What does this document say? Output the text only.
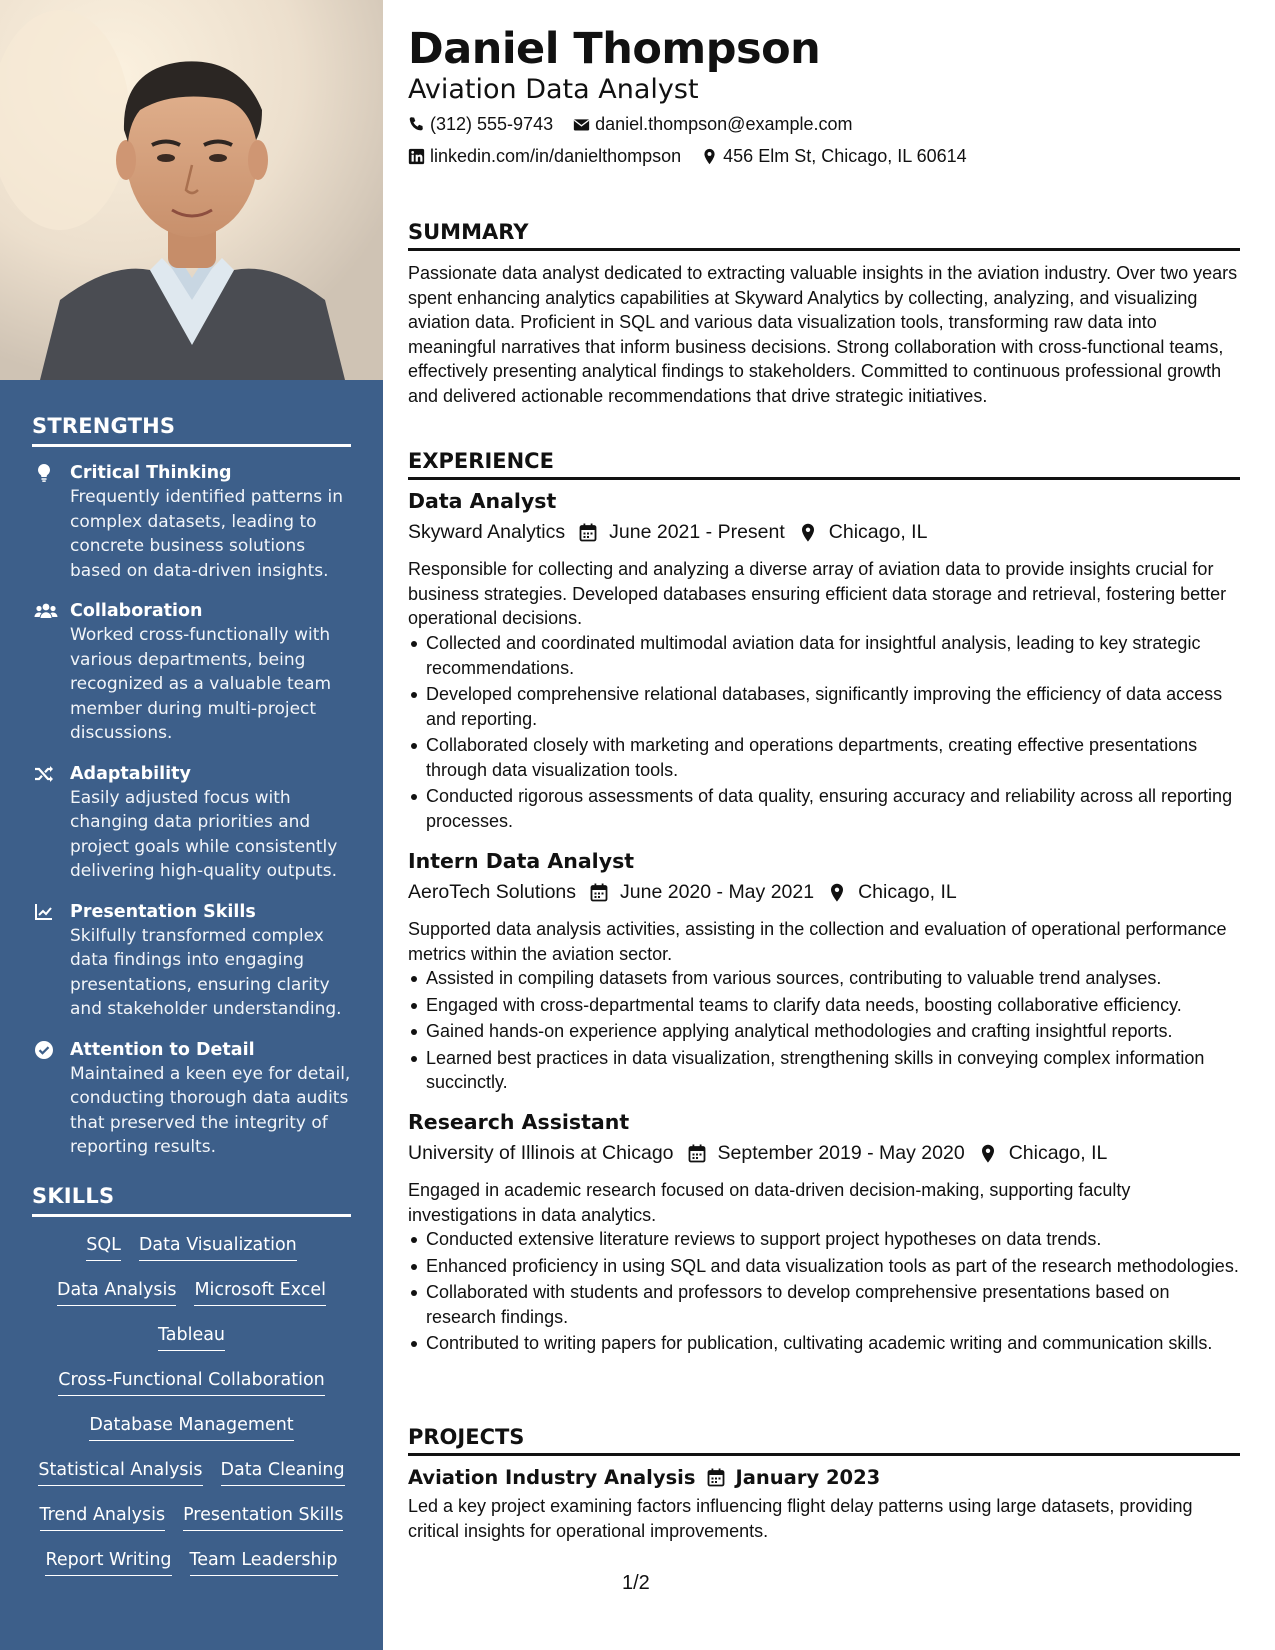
STRENGTHS
Critical Thinking
Frequently identified patterns in complex datasets, leading to concrete business solutions based on data-driven insights.
Collaboration
Worked cross-functionally with various departments, being recognized as a valuable team member during multi-project discussions.
Adaptability
Easily adjusted focus with changing data priorities and project goals while consistently delivering high-quality outputs.
Presentation Skills
Skilfully transformed complex data findings into engaging presentations, ensuring clarity and stakeholder understanding.
Attention to Detail
Maintained a keen eye for detail, conducting thorough data audits that preserved the integrity of reporting results.
SKILLS
SQL Data Visualization
Data Analysis Microsoft Excel
Tableau
Cross-Functional Collaboration
Database Management
Statistical Analysis Data Cleaning
Trend Analysis Presentation Skills
Report Writing Team Leadership
Daniel Thompson
Aviation Data Analyst
(312) 555-9743 daniel.thompson@example.com
linkedin.com/in/danielthompson 456 Elm St, Chicago, IL 60614
SUMMARY
Passionate data analyst dedicated to extracting valuable insights in the aviation industry. Over two years spent enhancing analytics capabilities at Skyward Analytics by collecting, analyzing, and visualizing aviation data. Proficient in SQL and various data visualization tools, transforming raw data into meaningful narratives that inform business decisions. Strong collaboration with cross-functional teams, effectively presenting analytical findings to stakeholders. Committed to continuous professional growth and delivered actionable recommendations that drive strategic initiatives.
EXPERIENCE
Data Analyst
Skyward Analytics June 2021 - Present Chicago, IL
Responsible for collecting and analyzing a diverse array of aviation data to provide insights crucial for business strategies. Developed databases ensuring efficient data storage and retrieval, fostering better operational decisions.
Collected and coordinated multimodal aviation data for insightful analysis, leading to key strategic recommendations.
Developed comprehensive relational databases, significantly improving the efficiency of data access and reporting.
Collaborated closely with marketing and operations departments, creating effective presentations through data visualization tools.
Conducted rigorous assessments of data quality, ensuring accuracy and reliability across all reporting processes.
Intern Data Analyst
AeroTech Solutions June 2020 - May 2021 Chicago, IL
Supported data analysis activities, assisting in the collection and evaluation of operational performance metrics within the aviation sector.
Assisted in compiling datasets from various sources, contributing to valuable trend analyses.
Engaged with cross-departmental teams to clarify data needs, boosting collaborative efficiency.
Gained hands-on experience applying analytical methodologies and crafting insightful reports.
Learned best practices in data visualization, strengthening skills in conveying complex information succinctly.
Research Assistant
University of Illinois at Chicago September 2019 - May 2020 Chicago, IL
Engaged in academic research focused on data-driven decision-making, supporting faculty investigations in data analytics.
Conducted extensive literature reviews to support project hypotheses on data trends.
Enhanced proficiency in using SQL and data visualization tools as part of the research methodologies.
Collaborated with students and professors to develop comprehensive presentations based on research findings.
Contributed to writing papers for publication, cultivating academic writing and communication skills.
PROJECTS
Aviation Industry Analysis January 2023
Led a key project examining factors influencing flight delay patterns using large datasets, providing critical insights for operational improvements.
1/2
